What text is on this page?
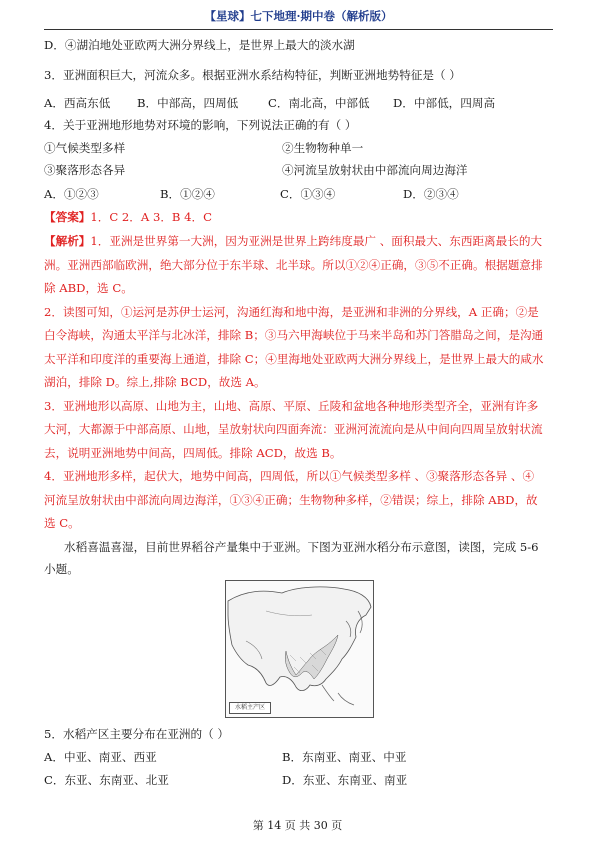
【星球】七下地理·期中卷（解析版）
D．④湖泊地处亚欧两大洲分界线上，是世界上最大的淡水湖
3．亚洲面积巨大，河流众多。根据亚洲水系结构特征，判断亚洲地势特征是（ ）
A．西高东低 B．中部高，四周低	C．南北高，中部低 D．中部低，四周高
4．关于亚洲地形地势对环境的影响，下列说法正确的有（ ）
①气候类型多样	②生物物种单一
③聚落形态各异	④河流呈放射状由中部流向周边海洋
A．①②③	B．①②④	C．①③④	D．②③④
【答案】1．C 2．A 3．B 4．C
【解析】1．亚洲是世界第一大洲，因为亚洲是世界上跨纬度最广 、面积最大、东西距离最长的大
洲。亚洲西部临欧洲，绝大部分位于东半球、北半球。所以①②④正确，③⑤不正确。根据题意排
除 ABD，选 C。
2．读图可知，①运河是苏伊士运河，沟通红海和地中海，是亚洲和非洲的分界线，A 正确；②是
白令海峡，沟通太平洋与北冰洋，排除 B；③马六甲海峡位于马来半岛和苏门答腊岛之间，是沟通
太平洋和印度洋的重要海上通道，排除 C；④里海地处亚欧两大洲分界线上，是世界上最大的咸水
湖泊，排除 D。综上,排除 BCD，故选 A。
3．亚洲地形以高原、山地为主，山地、高原、平原、丘陵和盆地各种地形类型齐全，亚洲有许多
大河，大都源于中部高原、山地，呈放射状向四面奔流：亚洲河流流向是从中间向四周呈放射状流
去，说明亚洲地势中间高，四周低。排除 ACD，故选 B。
4．亚洲地形多样，起伏大，地势中间高，四周低，所以①气候类型多样 、③聚落形态各异 、④
河流呈放射状由中部流向周边海洋，①③④正确；生物物种多样，②错误；综上，排除 ABD，故
选 C。
水稻喜温喜湿，目前世界稻谷产量集中于亚洲。下图为亚洲水稻分布示意图，读图，完成 5-6
小题。
水稻主产区
5．水稻产区主要分布在亚洲的（ ）
A．中亚、南亚、西亚	B．东南亚、南亚、中亚
C．东亚、东南亚、北亚	D．东亚、东南亚、南亚
第 14 页 共 30 页
